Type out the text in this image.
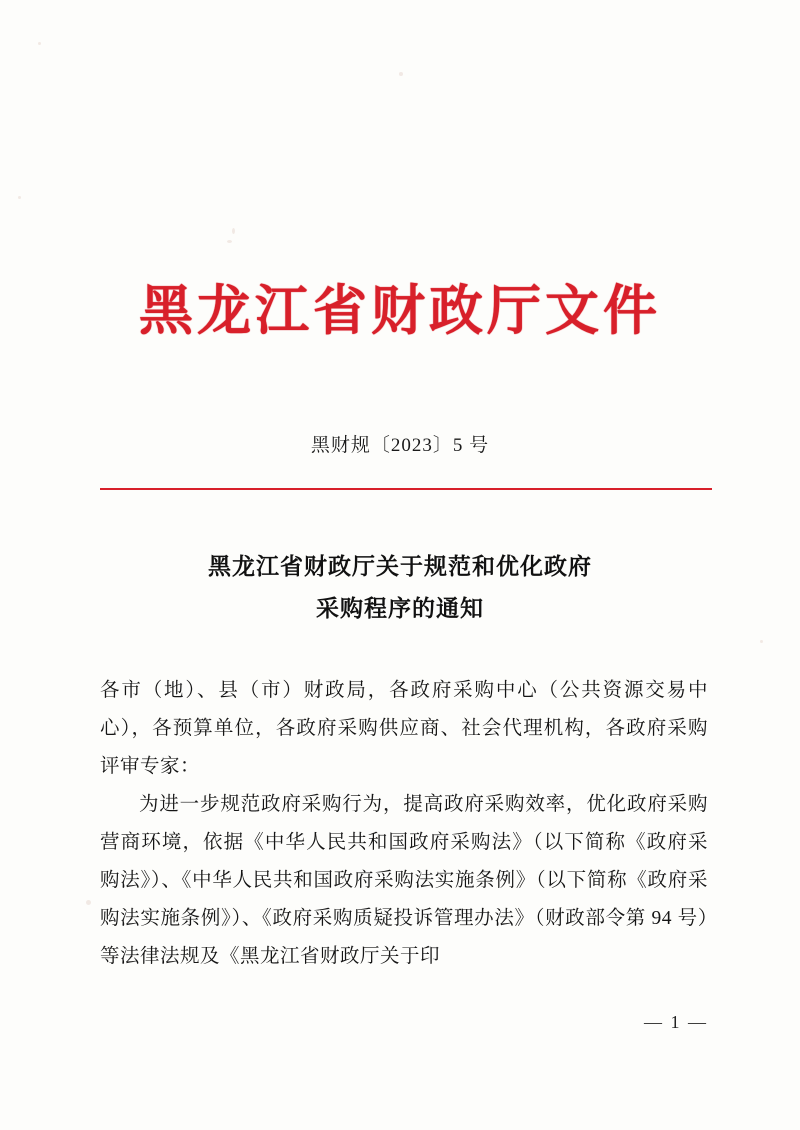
黑龙江省财政厅文件
黑财规〔2023〕5 号
黑龙江省财政厅关于规范和优化政府
采购程序的通知

各市（地）、县（市）财政局，各政府采购中心（公共资源交易中心），各预算单位，各政府采购供应商、社会代理机构，各政府采购评审专家：

为进一步规范政府采购行为，提高政府采购效率，优化政府采购营商环境，依据《中华人民共和国政府采购法》（以下简称《政府采购法》）、《中华人民共和国政府采购法实施条例》（以下简称《政府采购法实施条例》）、《政府采购质疑投诉管理办法》（财政部令第 94 号）等法律法规及《黑龙江省财政厅关于印

— 1 —
